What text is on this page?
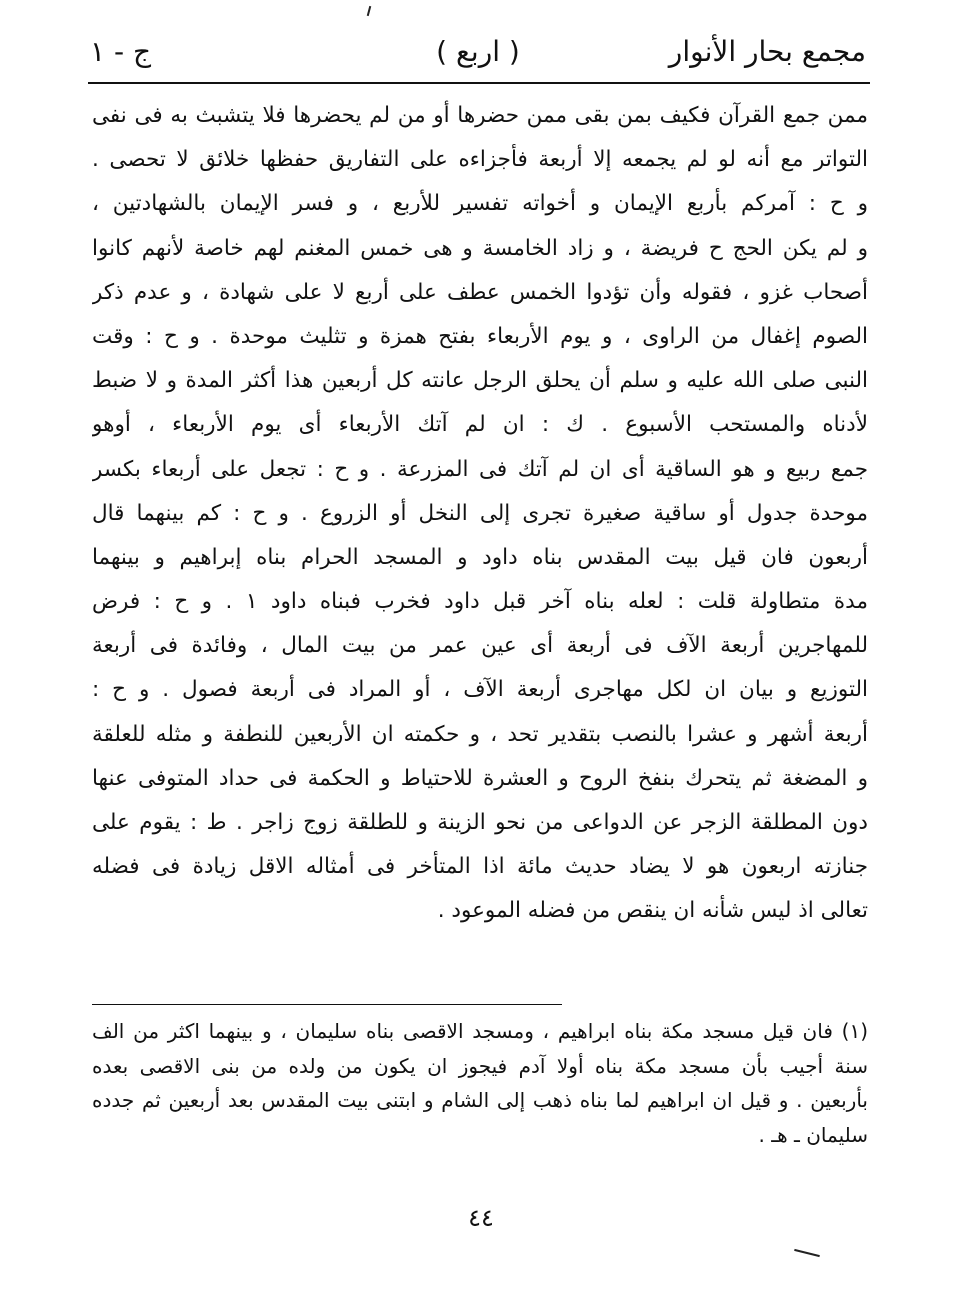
مجمع بحار الأنوار
( اربع )
ج - ١
ممن جمع القرآن فكيف بمن بقى ممن حضرها أو من لم يحضرها فلا يتشبث به فى نفى
التواتر مع أنه لو لم يجمعه إلا أربعة فأجزاءه على التفاريق حفظها خلائق لا تحصى .
و ح : آمركم بأربع الإيمان و أخواته تفسير للأربع ، و فسر الإيمان بالشهادتين ،
و لم يكن الحج ح فريضة ، و زاد الخامسة و هى خمس المغنم لهم خاصة لأنهم كانوا
أصحاب غزو ، فقوله وأن تؤدوا الخمس عطف على أربع لا على شهادة ، و عدم ذكر
الصوم إغفال من الراوى ، و يوم الأربعاء بفتح همزة و تثليث موحدة . و ح : وقت
النبى صلى الله عليه و سلم أن يحلق الرجل عانته كل أربعين هذا أكثر المدة و لا ضبط
لأدناه والمستحب الأسبوع . ك : ان لم آتك الأربعاء أى يوم الأربعاء ، أوهو
جمع ربيع و هو الساقية أى ان لم آتك فى المزرعة . و ح : تجعل على أربعاء بكسر
موحدة جدول أو ساقية صغيرة تجرى إلى النخل أو الزروع . و ح : كم بينهما قال
أربعون فان قيل بيت المقدس بناه داود و المسجد الحرام بناه إبراهيم و بينهما
مدة متطاولة قلت : لعله بناه آخر قبل داود فخرب فبناه داود ١ . و ح : فرض
للمهاجرين أربعة الآف فى أربعة أى عين عمر من بيت المال ، وفائدة فى أربعة
التوزيع و بيان ان لكل مهاجرى أربعة الآف ، أو المراد فى أربعة فصول . و ح :
أربعة أشهر و عشرا بالنصب بتقدير تحد ، و حكمته ان الأربعين للنطفة و مثله للعلقة
و المضغة ثم يتحرك بنفخ الروح و العشرة للاحتياط و الحكمة فى حداد المتوفى عنها
دون المطلقة الزجر عن الدواعى من نحو الزينة و للطلقة زوج زاجر . ط : يقوم على
جنازته اربعون هو لا يضاد حديث مائة اذا المتأخر فى أمثاله الاقل زيادة فى فضله
تعالى اذ ليس شأنه ان ينقص من فضله الموعود .
(١) فان قيل مسجد مكة بناه ابراهيم ، ومسجد الاقصى بناه سليمان ، و بينهما اكثر من الف
سنة أجيب بأن مسجد مكة بناه أولا آدم فيجوز ان يكون من ولده من بنى الاقصى بعده
بأربعين . و قيل ان ابراهيم لما بناه ذهب إلى الشام و ابتنى بيت المقدس بعد أربعين ثم جدده
سليمان ـ هـ .
٤٤
